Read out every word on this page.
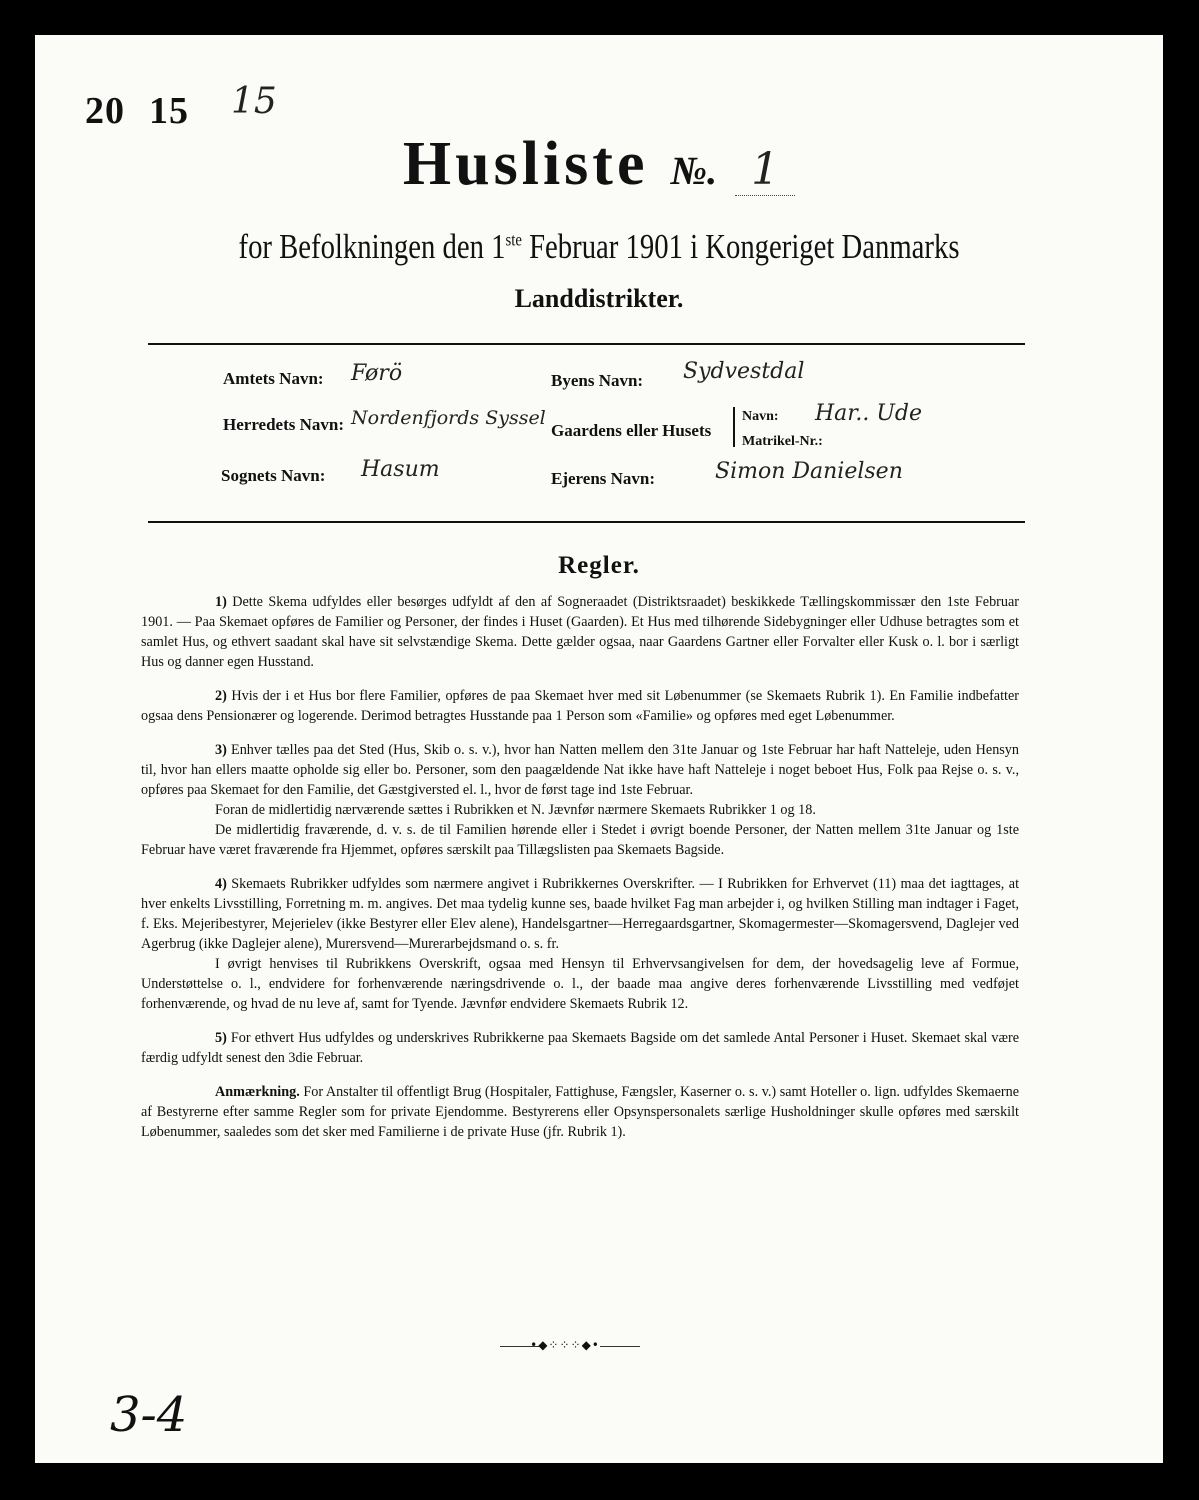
20 15 15
Husliste №. 1
for Befolkningen den 1ste Februar 1901 i Kongeriget Danmarks
Landdistrikter.
Amtets Navn: Førö
Herredets Navn: Nordenfjords Syssel
Sognets Navn: Hasum
Byens Navn: Sydvestdal
Gaardens eller Husets
Navn: Har.. Ude
Matrikel-Nr.:
Ejerens Navn:	Simon Danielsen
Regler.

1) Dette Skema udfyldes eller besørges udfyldt af den af Sogneraadet (Distriktsraadet) beskikkede Tællingskommissær den 1ste Februar 1901. — Paa Skemaet opføres de Familier og Personer, der findes i Huset (Gaarden). Et Hus med tilhørende Sidebygninger eller Udhuse betragtes som et samlet Hus, og ethvert saadant skal have sit selvstændige Skema. Dette gælder ogsaa, naar Gaardens Gartner eller Forvalter eller Kusk o. l. bor i særligt Hus og danner egen Husstand.

2) Hvis der i et Hus bor flere Familier, opføres de paa Skemaet hver med sit Løbenummer (se Skemaets Rubrik 1). En Familie indbefatter ogsaa dens Pensionærer og logerende. Derimod betragtes Husstande paa 1 Person som «Familie» og opføres med eget Løbenummer.

3) Enhver tælles paa det Sted (Hus, Skib o. s. v.), hvor han Natten mellem den 31te Januar og 1ste Februar har haft Natteleje, uden Hensyn til, hvor han ellers maatte opholde sig eller bo. Personer, som den paagældende Nat ikke have haft Natteleje i noget beboet Hus, Folk paa Rejse o. s. v., opføres paa Skemaet for den Familie, det Gæstgiversted el. l., hvor de først tage ind 1ste Februar.

Foran de midlertidig nærværende sættes i Rubrikken et N. Jævnfør nærmere Skemaets Rubrikker 1 og 18.

De midlertidig fraværende, d. v. s. de til Familien hørende eller i Stedet i øvrigt boende Personer, der Natten mellem 31te Januar og 1ste Februar have været fraværende fra Hjemmet, opføres særskilt paa Tillægslisten paa Skemaets Bagside.

4) Skemaets Rubrikker udfyldes som nærmere angivet i Rubrikkernes Overskrifter. — I Rubrikken for Erhvervet (11) maa det iagttages, at hver enkelts Livsstilling, Forretning m. m. angives. Det maa tydelig kunne ses, baade hvilket Fag man arbejder i, og hvilken Stilling man indtager i Faget, f. Eks. Mejeribestyrer, Mejerielev (ikke Bestyrer eller Elev alene), Handelsgartner—Herregaardsgartner, Skomagermester—Skomagersvend, Daglejer ved Agerbrug (ikke Daglejer alene), Murersvend—Murerarbejdsmand o. s. fr.

I øvrigt henvises til Rubrikkens Overskrift, ogsaa med Hensyn til Erhvervsangivelsen for dem, der hovedsagelig leve af Formue, Understøttelse o. l., endvidere for forhenværende næringsdrivende o. l., der baade maa angive deres forhenværende Livsstilling med vedføjet forhenværende, og hvad de nu leve af, samt for Tyende. Jævnfør endvidere Skemaets Rubrik 12.

5) For ethvert Hus udfyldes og underskrives Rubrikkerne paa Skemaets Bagside om det samlede Antal Personer i Huset. Skemaet skal være færdig udfyldt senest den 3die Februar.

Anmærkning. For Anstalter til offentligt Brug (Hospitaler, Fattighuse, Fængsler, Kaserner o. s. v.) samt Hoteller o. lign. udfyldes Skemaerne af Bestyrerne efter samme Regler som for private Ejendomme. Bestyrerens eller Opsynspersonalets særlige Husholdninger skulle opføres med særskilt Løbenummer, saaledes som det sker med Familierne i de private Huse (jfr. Rubrik 1).

•◆⁘⁘⁘◆•
3-4
